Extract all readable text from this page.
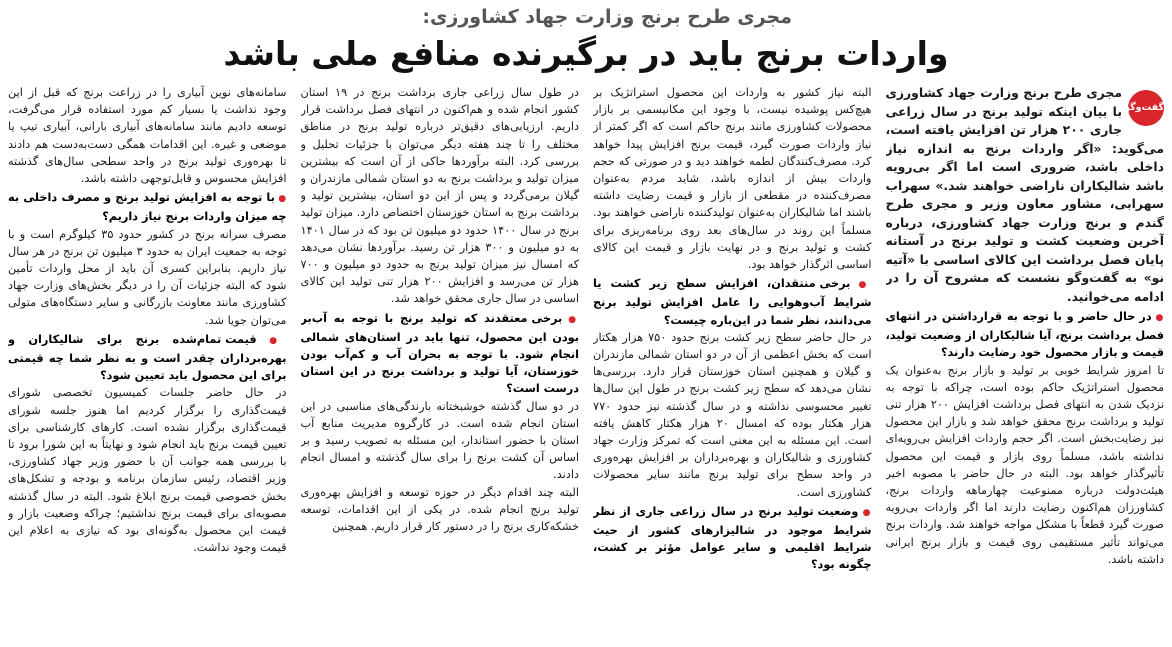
مجری طرح برنج وزارت جهاد کشاورزی:
واردات برنج باید در برگیرنده منافع ملی باشد
گفت‌وگو

مجری طرح برنج وزارت جهاد کشاورزی با بیان اینکه تولید برنج در سال زراعی جاری ۲۰۰ هزار تن افزایش یافته است، می‌گوید: «اگر واردات برنج به اندازه نیاز داخلی باشد، ضروری است اما اگر بی‌رویه باشد شالیکاران ناراضی خواهند شد.» سهراب سهرابی، مشاور معاون وزیر و مجری طرح گندم و برنج وزارت جهاد کشاورزی، درباره آخرین وضعیت کشت و تولید برنج در آستانه پایان فصل برداشت این کالای اساسی با «آتیه نو» به گفت‌وگو نشست که مشروح آن را در ادامه می‌خوانید.

● در حال حاضر و با توجه به قرارداشتن در انتهای فصل برداشت برنج، آیا شالیکاران از وضعیت تولید، قیمت و بازار محصول خود رضایت دارند؟

تا امروز شرایط خوبی بر تولید و بازار برنج به‌عنوان یک محصول استراتژیک حاکم بوده است، چراکه با توجه به نزدیک شدن به انتهای فصل برداشت افزایش ۲۰۰ هزار تنی تولید و برداشت برنج محقق خواهد شد و بازار این محصول نیز رضایت‌بخش است. اگر حجم واردات افزایش بی‌رویه‌ای نداشته باشد، مسلماً روی بازار و قیمت این محصول تأثیرگذار خواهد بود. البته در حال حاضر با مصوبه اخیر هیئت‌دولت درباره ممنوعیت چهارماهه واردات برنج، کشاورزان هم‌اکنون رضایت دارند اما اگر واردات بی‌رویه صورت گیرد قطعاً با مشکل مواجه خواهند شد. واردات برنج می‌تواند تأثیر مستقیمی روی قیمت و بازار برنج ایرانی داشته باشد.

البته نیاز کشور به واردات این محصول استراتژیک بر هیچ‌کس پوشیده نیست، با وجود این مکانیسمی بر بازار محصولات کشاورزی مانند برنج حاکم است که اگر کمتر از نیاز واردات صورت گیرد، قیمت برنج افزایش پیدا خواهد کرد. مصرف‌کنندگان لطمه خواهند دید و در صورتی که حجم واردات بیش از اندازه باشد، شاید مردم به‌عنوان مصرف‌کننده در مقطعی از بازار و قیمت رضایت داشته باشند اما شالیکاران به‌عنوان تولیدکننده ناراضی خواهند بود. مسلماً این روند در سال‌های بعد روی برنامه‌ریزی برای کشت و تولید برنج و در نهایت بازار و قیمت این کالای اساسی اثرگذار خواهد بود.

● برخی منتقدان، افزایش سطح زیر کشت یا شرایط آب‌وهوایی را عامل افزایش تولید برنج می‌دانند، نظر شما در این‌باره چیست؟

در حال حاضر سطح زیر کشت برنج حدود ۷۵۰ هزار هکتار است که بخش اعظمی از آن در دو استان شمالی مازندران و گیلان و همچنین استان خوزستان قرار دارد. بررسی‌ها نشان می‌دهد که سطح زیر کشت برنج در طول این سال‌ها تغییر محسوسی نداشته و در سال گذشته نیز حدود ۷۷۰ هزار هکتار بوده که امسال ۲۰ هزار هکتار کاهش یافته است. این مسئله به این معنی است که تمرکز وزارت جهاد کشاورزی و شالیکاران و بهره‌برداران بر افزایش بهره‌وری در واحد سطح برای تولید برنج مانند سایر محصولات کشاورزی است.

● وضعیت تولید برنج در سال زراعی جاری از نظر شرایط موجود در شالیزارهای کشور از حیث شرایط اقلیمی و سایر عوامل مؤثر بر کشت، چگونه بود؟

در طول سال زراعی جاری برداشت برنج در ۱۹ استان کشور انجام شده و هم‌اکنون در انتهای فصل برداشت قرار داریم. ارزیابی‌های دقیق‌تر درباره تولید برنج در مناطق مختلف را تا چند هفته دیگر می‌توان با جزئیات تحلیل و بررسی کرد. البته برآوردها حاکی از آن است که بیشترین میزان تولید و برداشت برنج به دو استان شمالی مازندران و گیلان برمی‌گردد و پس از این دو استان، بیشترین تولید و برداشت برنج به استان خوزستان اختصاص دارد. میزان تولید برنج در سال ۱۴۰۰ حدود دو میلیون تن بود که در سال ۱۴۰۱ به دو میلیون و ۳۰۰ هزار تن رسید. برآوردها نشان می‌دهد که امسال نیز میزان تولید برنج به حدود دو میلیون و ۷۰۰ هزار تن می‌رسد و افزایش ۲۰۰ هزار تنی تولید این کالای اساسی در سال جاری محقق خواهد شد.

● برخی معتقدند که تولید برنج با توجه به آب‌بر بودن این محصول، تنها باید در استان‌های شمالی انجام شود. با توجه به بحران آب و کم‌آب بودن خوزستان، آیا تولید و برداشت برنج در این استان درست است؟

در دو سال گذشته خوشبختانه بارندگی‌های مناسبی در این استان انجام شده است. در کارگروه مدیریت منابع آب استان با حضور استاندار، این مسئله به تصویب رسید و بر اساس آن کشت برنج را برای سال گذشته و امسال انجام دادند.

البته چند اقدام دیگر در حوزه توسعه و افزایش بهره‌وری تولید برنج انجام شده. در یکی از این اقدامات، توسعه خشکه‌کاری برنج را در دستور کار قرار داریم. همچنین

سامانه‌های نوین آبیاری را در زراعت برنج که قبل از این وجود نداشت یا بسیار کم مورد استفاده قرار می‌گرفت، توسعه دادیم مانند سامانه‌های آبیاری بارانی، آبیاری تیپ یا موضعی و غیره. این اقدامات همگی دست‌به‌دست هم دادند تا بهره‌وری تولید برنج در واحد سطحی سال‌های گذشته افزایش محسوس و قابل‌توجهی داشته باشد.

● با توجه به افزایش تولید برنج و مصرف داخلی به چه میزان واردات برنج نیاز داریم؟

مصرف سرانه برنج در کشور حدود ۳۵ کیلوگرم است و با توجه به جمعیت ایران به حدود ۳ میلیون تن برنج در هر سال نیاز داریم. بنابراین کسری آن باید از محل واردات تأمین شود که البته جزئیات آن را در دیگر بخش‌های وزارت جهاد کشاورزی مانند معاونت بازرگانی و سایر دستگاه‌های متولی می‌توان جویا شد.

● قیمت تمام‌شده برنج برای شالیکاران و بهره‌برداران چقدر است و به نظر شما چه قیمتی برای این محصول باید تعیین شود؟

در حال حاضر جلسات کمیسیون تخصصی شورای قیمت‌گذاری را برگزار کردیم اما هنوز جلسه شورای قیمت‌گذاری برگزار نشده است. کارهای کارشناسی برای تعیین قیمت برنج باید انجام شود و نهایتاً به این شورا برود تا با بررسی همه جوانب آن با حضور وزیر جهاد کشاورزی، وزیر اقتصاد، رئیس سازمان برنامه و بودجه و تشکل‌های بخش خصوصی قیمت برنج ابلاغ شود. البته در سال گذشته مصوبه‌ای برای قیمت برنج نداشتیم؛ چراکه وضعیت بازار و قیمت این محصول به‌گونه‌ای بود که نیازی به اعلام این قیمت وجود نداشت.
